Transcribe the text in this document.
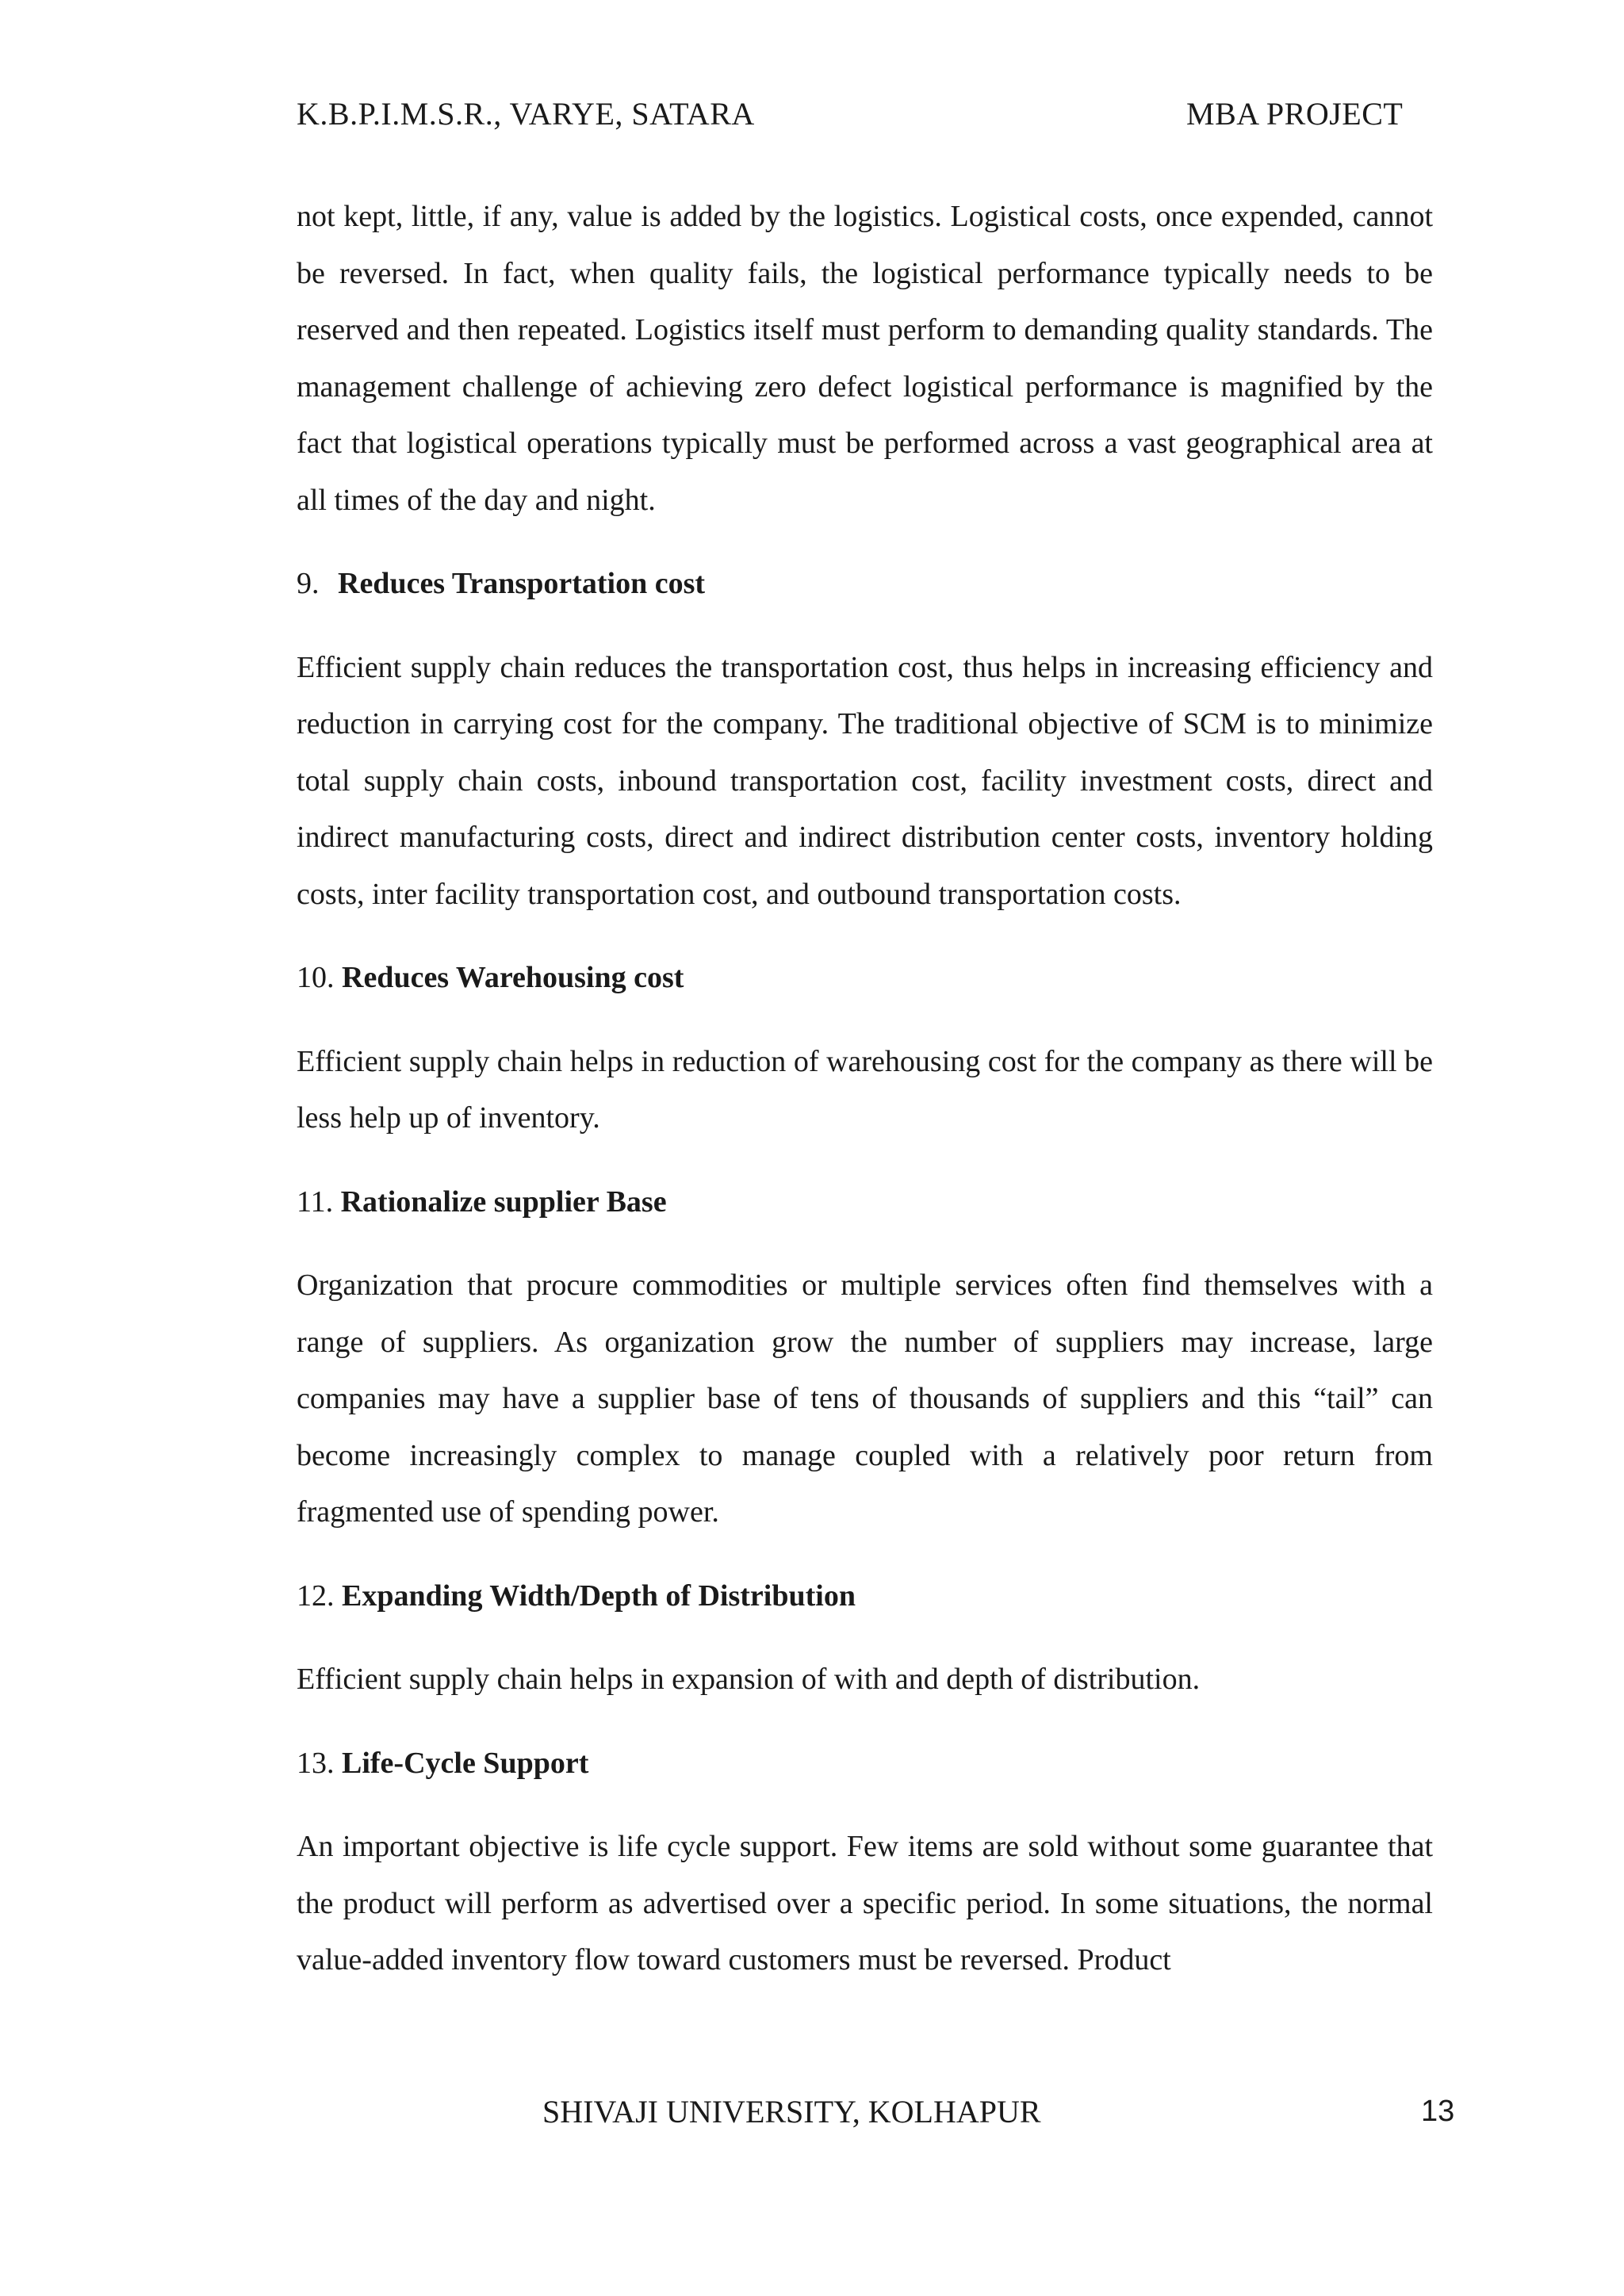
K.B.P.I.M.S.R., VARYE, SATARA	MBA PROJECT

not kept, little, if any, value is added by the logistics. Logistical costs, once expended, cannot be reversed. In fact, when quality fails, the logistical performance typically needs to be reserved and then repeated. Logistics itself must perform to demanding quality standards. The management challenge of achieving zero defect logistical performance is magnified by the fact that logistical operations typically must be performed across a vast geographical area at all times of the day and night.

9. Reduces Transportation cost

Efficient supply chain reduces the transportation cost, thus helps in increasing efficiency and reduction in carrying cost for the company. The traditional objective of SCM is to minimize total supply chain costs, inbound transportation cost, facility investment costs, direct and indirect manufacturing costs, direct and indirect distribution center costs, inventory holding costs, inter facility transportation cost, and outbound transportation costs.

10. Reduces Warehousing cost

Efficient supply chain helps in reduction of warehousing cost for the company as there will be less help up of inventory.

11. Rationalize supplier Base

Organization that procure commodities or multiple services often find themselves with a range of suppliers. As organization grow the number of suppliers may increase, large companies may have a supplier base of tens of thousands of suppliers and this “tail” can become increasingly complex to manage coupled with a relatively poor return from fragmented use of spending power.

12. Expanding Width/Depth of Distribution

Efficient supply chain helps in expansion of with and depth of distribution.

13. Life-Cycle Support

An important objective is life cycle support. Few items are sold without some guarantee that the product will perform as advertised over a specific period. In some situations, the normal value-added inventory flow toward customers must be reversed. Product

SHIVAJI UNIVERSITY, KOLHAPUR	13
